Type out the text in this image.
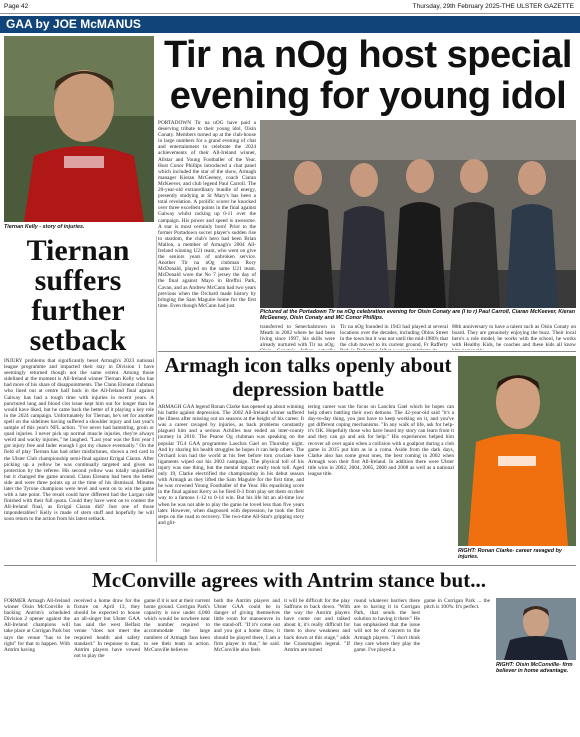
Page 42	Thursday, 29th February 2025-THE ULSTER GAZETTE
GAA by JOE McMANUS
Tiernan Kelly - story of injuries.
Tir na nOg host special evening for young idol
PORTADOWN Tir na nOG have paid a deserving tribute to their young idol, Oisin Conaty. Members turned up at the club-house in large numbers for a grand evening of chat and entertainment to celebrate the 2024 achievements of their All-Ireland winner, Allstar and Young Footballer of the Year. Host Conor Phillips introduced a chat panel which included the star of the show, Armagh manager Kieran McGeeney, coach Ciaran McKeever, and club legend Paul Carroll. The 20-year-old extraordinary bundle of energy, presently studying at St Mary's has been a total revelation. A prolific scorer he knocked over three excellent points in the final against Galway whilst racking up 0-11 over the campaign. His power and speed is awesome. A star is most certainly born! Prior to the former Portadown soccer player's sudden rise to stardom, the club's hero had been Brian Mallon, a member of Armagh's 2004 All-Ireland winning U21 team, who went on give the seniors years of unbroken service. Another Tir na nOg clubman Rory McDonald, played on the same U21 team. McDonald wore the No 7 jersey the day of the final against Mayo in Breffni Park, Cavan, and as Andrew McCann had two years previous when the Orchard made history by bringing the Sam Maguire home for the first time. Even though McCann had just
Pictured at the Portadown Tir na nOg celebration evening for Oisin Conaty are (l to r) Paul Carroll, Ciaran McKeever, Kieran McGeeney, Oisin Conaty and MC Conor Phillips.
transferred to Senechalstown in Meath in 2002 where he had been living since 1997, his skills were already nurtured with Tir na nOg.
Tir na nOg founded in 1943 had played at several locations over the decades, including Obins Street in the town but it was not until the mid-1980's that the club moved to its current ground, Fr Rafferty
80th anniversary to have a talent such as Oisin Conaty on board. They are genuinely enjoying the buzz. Their local hero's a role model, he works with the school, he works with Healthy Kids, he coaches and these kids all know
Tiernan suffers further setback
INJURY problems that significantly beset Armagh's 2023 national league programme and impacted their stay in Division 1 have seemingly returned though not the same extent. Among those sidelined at the moment is All-Ireland winner Tiernan Kelly who has had more of his share of disappointments. The Clann Eireann clubman who lined out at centre half back in the All-Ireland final against Galway has had a tough time with injuries in recent years. A punctured lung and blood clot issue kept him out for longer than he would have liked, but he came back the better of it playing a key role in the 2024 campaign. Unfortunately for Tiernan, he's set for another spell on the sidelines having suffered a shoulder injury and last year's sample of this year's NFL action. "I've never had hamstring, groin or quad injuries. I never pick up normal muscle injuries, they're always weird and wacky injuries," he laughed. "Last year was the first year I got injury free and Inder enough I got my chance eventually." On the field of play Tiernan has had other misfortunes, shown a red card in the Ulster Club championship semi-final against Errigal Ciaran. After picking up a yellow he was continually targeted and given no protection by the referee. His second yellow was totally unjustified but it changed the game around. Clann Eireann had been the better side and were three points up at the time of his dismissal. Minutes later the Tyrone champions were level and went on to win the game with a late point. The result could have different had the Lurgan side finished with their full quota. Could they have went on to contest the All-Ireland final, as Errigal Ciaran did? Just one of those imponderables? Kelly is made of stern stuff and hopefully he will soon return to the action from his latest setback.
Armagh icon talks openly about depression battle
ARMAGH GAA legend Ronan Clarke has opened up about winning his battle against depression. The 2002 All-Ireland winner suffered the illness after missing out on seasons at the height of his career. It was a career ravaged by injuries, as back problems constantly plagued him and a serious Achilles tear ended an inter-county journey in 2010. The Pearse Og clubman was speaking on the popular TG4 GAA programme Laochra Gael on Thursday night. And by sharing his health struggles he hopes it can help others. The Orchard icon had the world at his feet before torn cruciate knee ligaments wiped out his 2003 campaign. The physical toll of his injury was one thing, but the mental impact really took toll. Aged only 19, Clarke electrified the championship in his debut season with Armagh as they lifted the Sam Maguire for the first time, and he was crowned Young Footballer of the Year. His equalising score in the final against Kerry as he fired 0-3 from play set them on their way to a famous 1-12 to 0-14 win. But his life hit an all-time low when he was not able to play the game he loved less than five years later. However, when diagnosed with depression, he took the first steps on the road to recovery. The two-time All-Star's gripping story and glit-
tering career was the focus on Laochra Gael which he hopes can help others battling their own demons. The 42-year-old said "it's a day-to-day thing, you just have to keep working on it, and you've got different coping mechanisms. "In any walk of life, ask for help- it's OK. Hopefully those who have heard my story can learn from it and they can go and ask for help." His experiences helped him recover all over again when a collision with a goalpost during a club game in 2015 put him as in a coma. Aside from the dark days, Clarke also has some great ones, the best coming in 2002 when Armagh won their first All-Ireland. In addition there were Ulster title wins in 2002, 2004, 2005, 2006 and 2008 as well as a national league title.
RIGHT: Ronan Clarke- career ravaged by injuries.
McConville agrees with Antrim stance but...
FORMER Armagh All-Ireland winner Oisin McConville is backing Antrim's scheduled Division 2 opener against the All-Ireland champions will take place at Corrigan Park but says the venue "has to be right" for that to happen. With Antrim having
received a home draw for the fixture on April 13, they should be expected to house an all-singer but Ulster GAA has said the west Belfast venue "does not meet the required health and safety standard." In response to that, Antrim players have vowed not to play the
game if it is not at their current home ground. Corrigan Park's capacity is now under 4,000 which would be nowhere near the number required to accommodate the large numbers of Armagh fans keen to see their team in action. McConville believes
both the Antrim players and Ulster GAA could be in danger of giving themselves little room for manoeuvre in the stand-off. "If it's come out and you got a home draw, it should be played there, I am a firm player in that," he said. McConville also feels
it will be difficult for the play Saffrons to back down. "With the way the Antrim players have come out and talked about it, it's really difficult for them to show weakness and back down at this stage," adds the Crossmaglen legend. "If Antrim are turned
round whatever barriers there are to having it in Corrigan Park, that sends the best solution to having it there." He has emphasised that the issue will not be of concern to the Armagh players. "I don't think they care where they play the game. I've played a
game in Corrigan Park ... the pitch is 100%. It's perfect.
RIGHT: Oisin McConville- firm believer in home advantage.
